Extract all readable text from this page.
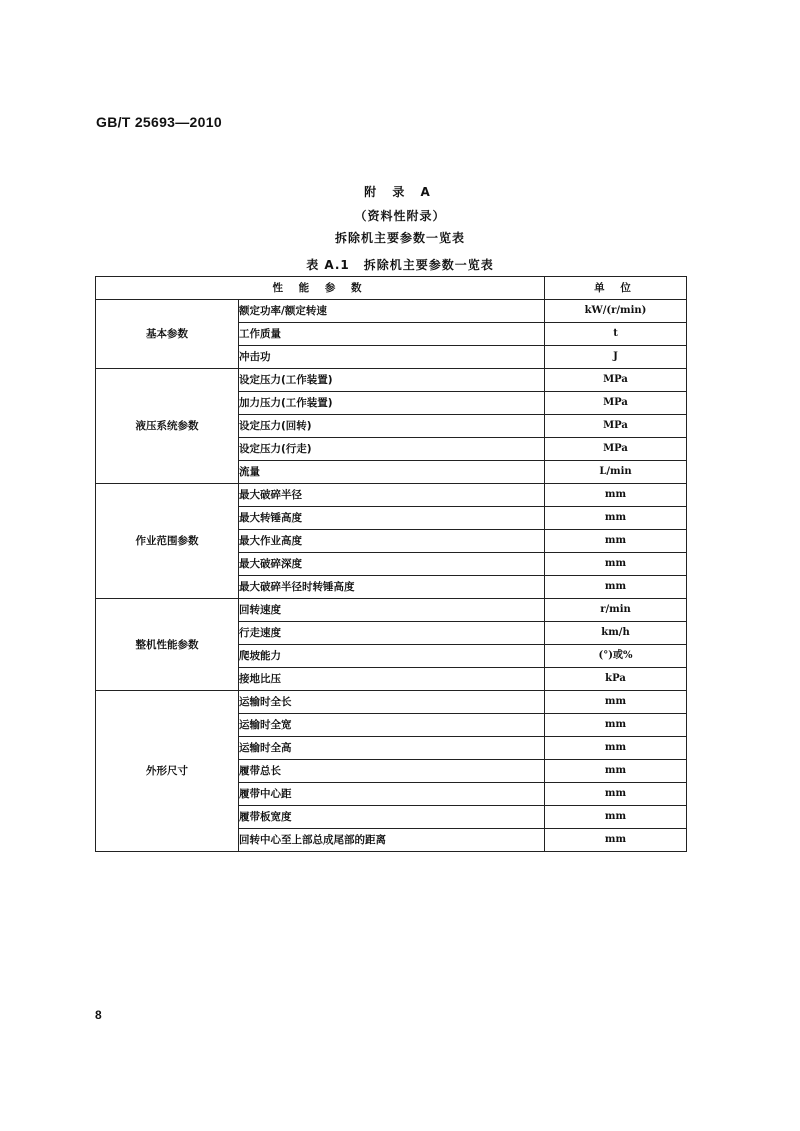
GB/T 25693—2010
附 录 A
（资料性附录）
拆除机主要参数一览表
表 A.1 拆除机主要参数一览表
性 能 参 数		单 位
基本参数	额定功率/额定转速	kW/(r/min)
	工作质量	t
	冲击功	J
液压系统参数	设定压力(工作装置)	MPa
	加力压力(工作装置)	MPa
	设定压力(回转)	MPa
	设定压力(行走)	MPa
	流量	L/min
作业范围参数	最大破碎半径	mm
	最大转锤高度	mm
	最大作业高度	mm
	最大破碎深度	mm
	最大破碎半径时转锤高度	mm
整机性能参数	回转速度	r/min
	行走速度	km/h
	爬坡能力	(°)或%
	接地比压	kPa
外形尺寸	运输时全长	mm
	运输时全宽	mm
	运输时全高	mm
	履带总长	mm
	履带中心距	mm
	履带板宽度	mm
	回转中心至上部总成尾部的距离	mm
8
